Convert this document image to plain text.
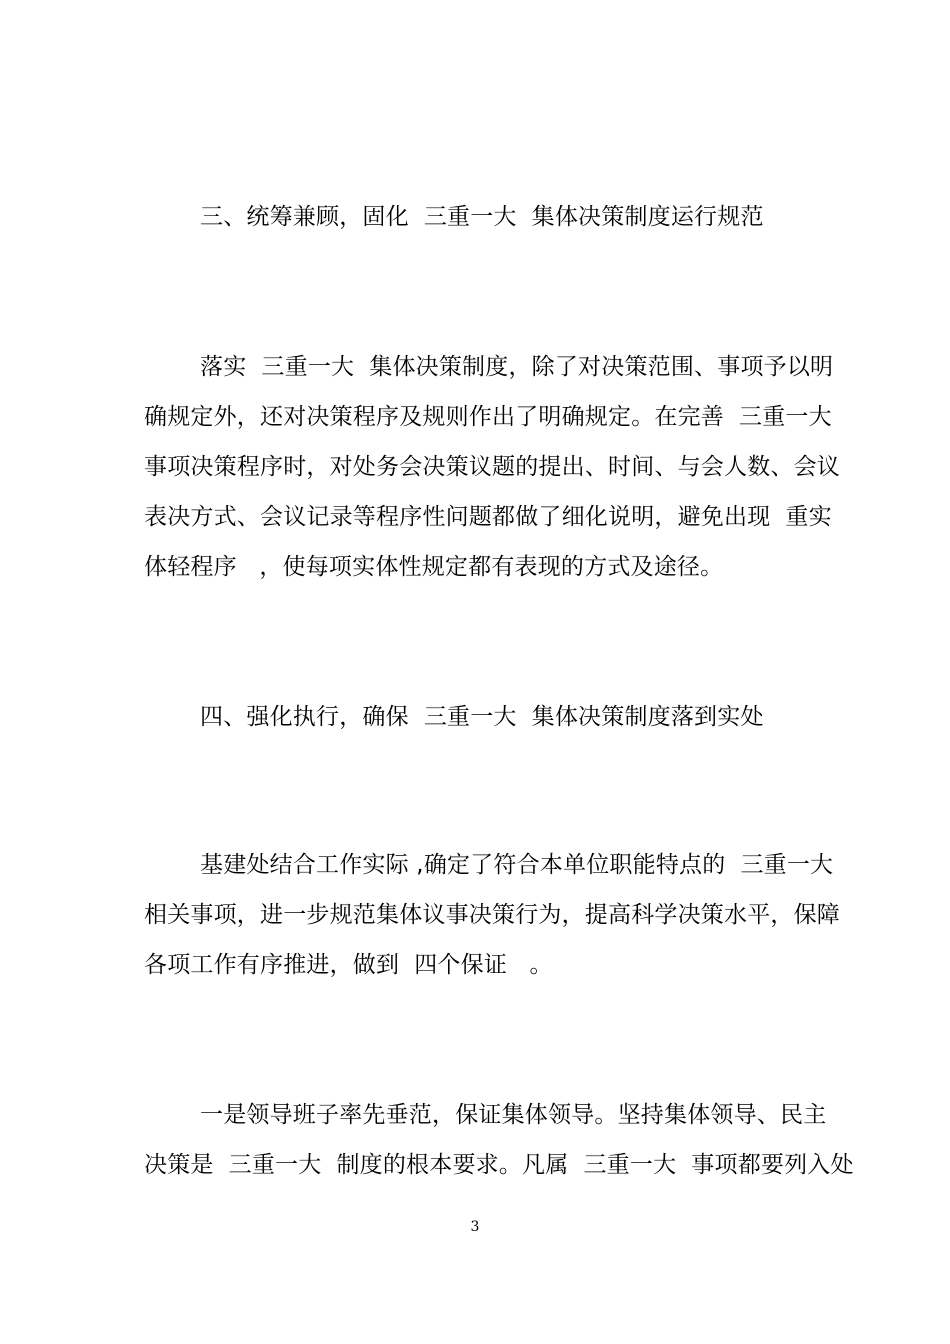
三、统筹兼顾，固化  三重一大  集体决策制度运行规范

落实  三重一大  集体决策制度，除了对决策范围、事项予以明

确规定外，还对决策程序及规则作出了明确规定。在完善  三重一大

事项决策程序时，对处务会决策议题的提出、时间、与会人数、会议

表决方式、会议记录等程序性问题都做了细化说明，避免出现  重实

体轻程序   ，使每项实体性规定都有表现的方式及途径。

四、强化执行，确保  三重一大  集体决策制度落到实处

基建处结合工作实际 ,确定了符合本单位职能特点的  三重一大

相关事项，进一步规范集体议事决策行为，提高科学决策水平，保障

各项工作有序推进，做到  四个保证   。

一是领导班子率先垂范，保证集体领导。坚持集体领导、民主

决策是  三重一大  制度的根本要求。凡属  三重一大  事项都要列入处

3
